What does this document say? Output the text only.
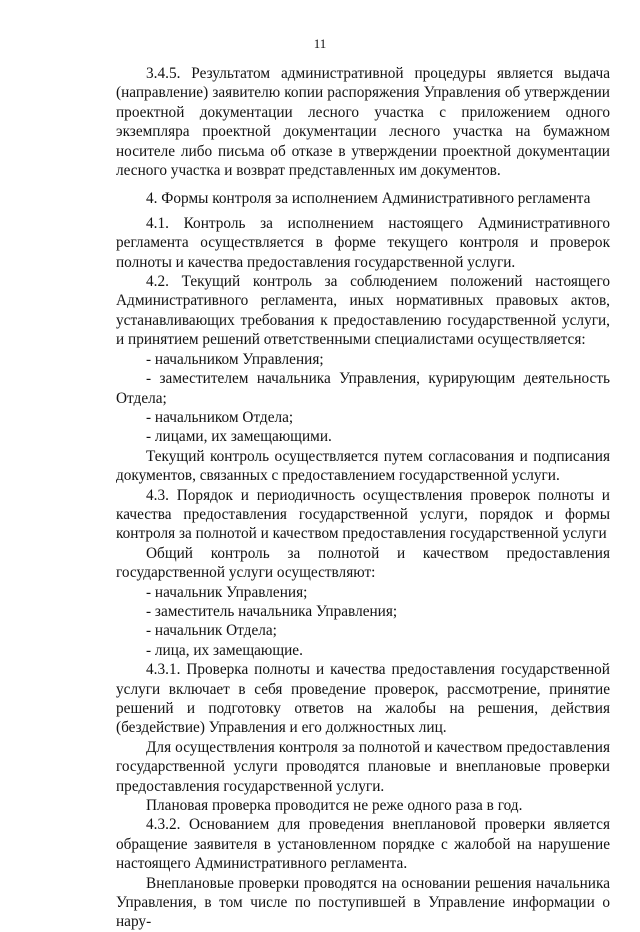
11

3.4.5. Результатом административной процедуры является выдача (направление) заявителю копии распоряжения Управления об утверждении проектной документации лесного участка с приложением одного экземпляра проектной документации лесного участка на бумажном носителе либо письма об отказе в утверждении проектной документации лесного участка и возврат представленных им документов.

4. Формы контроля за исполнением Административного регламента

4.1. Контроль за исполнением настоящего Административного регламента осуществляется в форме текущего контроля и проверок полноты и качества предоставления государственной услуги.

4.2. Текущий контроль за соблюдением положений настоящего Административного регламента, иных нормативных правовых актов, устанавливающих требования к предоставлению государственной услуги, и принятием решений ответственными специалистами осуществляется:

- начальником Управления;

- заместителем начальника Управления, курирующим деятельность Отдела;

- начальником Отдела;

- лицами, их замещающими.

Текущий контроль осуществляется путем согласования и подписания документов, связанных с предоставлением государственной услуги.

4.3. Порядок и периодичность осуществления проверок полноты и качества предоставления государственной услуги, порядок и формы контроля за полнотой и качеством предоставления государственной услуги

Общий контроль за полнотой и качеством предоставления государственной услуги осуществляют:

- начальник Управления;

- заместитель начальника Управления;

- начальник Отдела;

- лица, их замещающие.

4.3.1. Проверка полноты и качества предоставления государственной услуги включает в себя проведение проверок, рассмотрение, принятие решений и подготовку ответов на жалобы на решения, действия (бездействие) Управления и его должностных лиц.

Для осуществления контроля за полнотой и качеством предоставления государственной услуги проводятся плановые и внеплановые проверки предоставления государственной услуги.

Плановая проверка проводится не реже одного раза в год.

4.3.2. Основанием для проведения внеплановой проверки является обращение заявителя в установленном порядке с жалобой на нарушение настоящего Административного регламента.

Внеплановые проверки проводятся на основании решения начальника Управления, в том числе по поступившей в Управление информации о нару-
